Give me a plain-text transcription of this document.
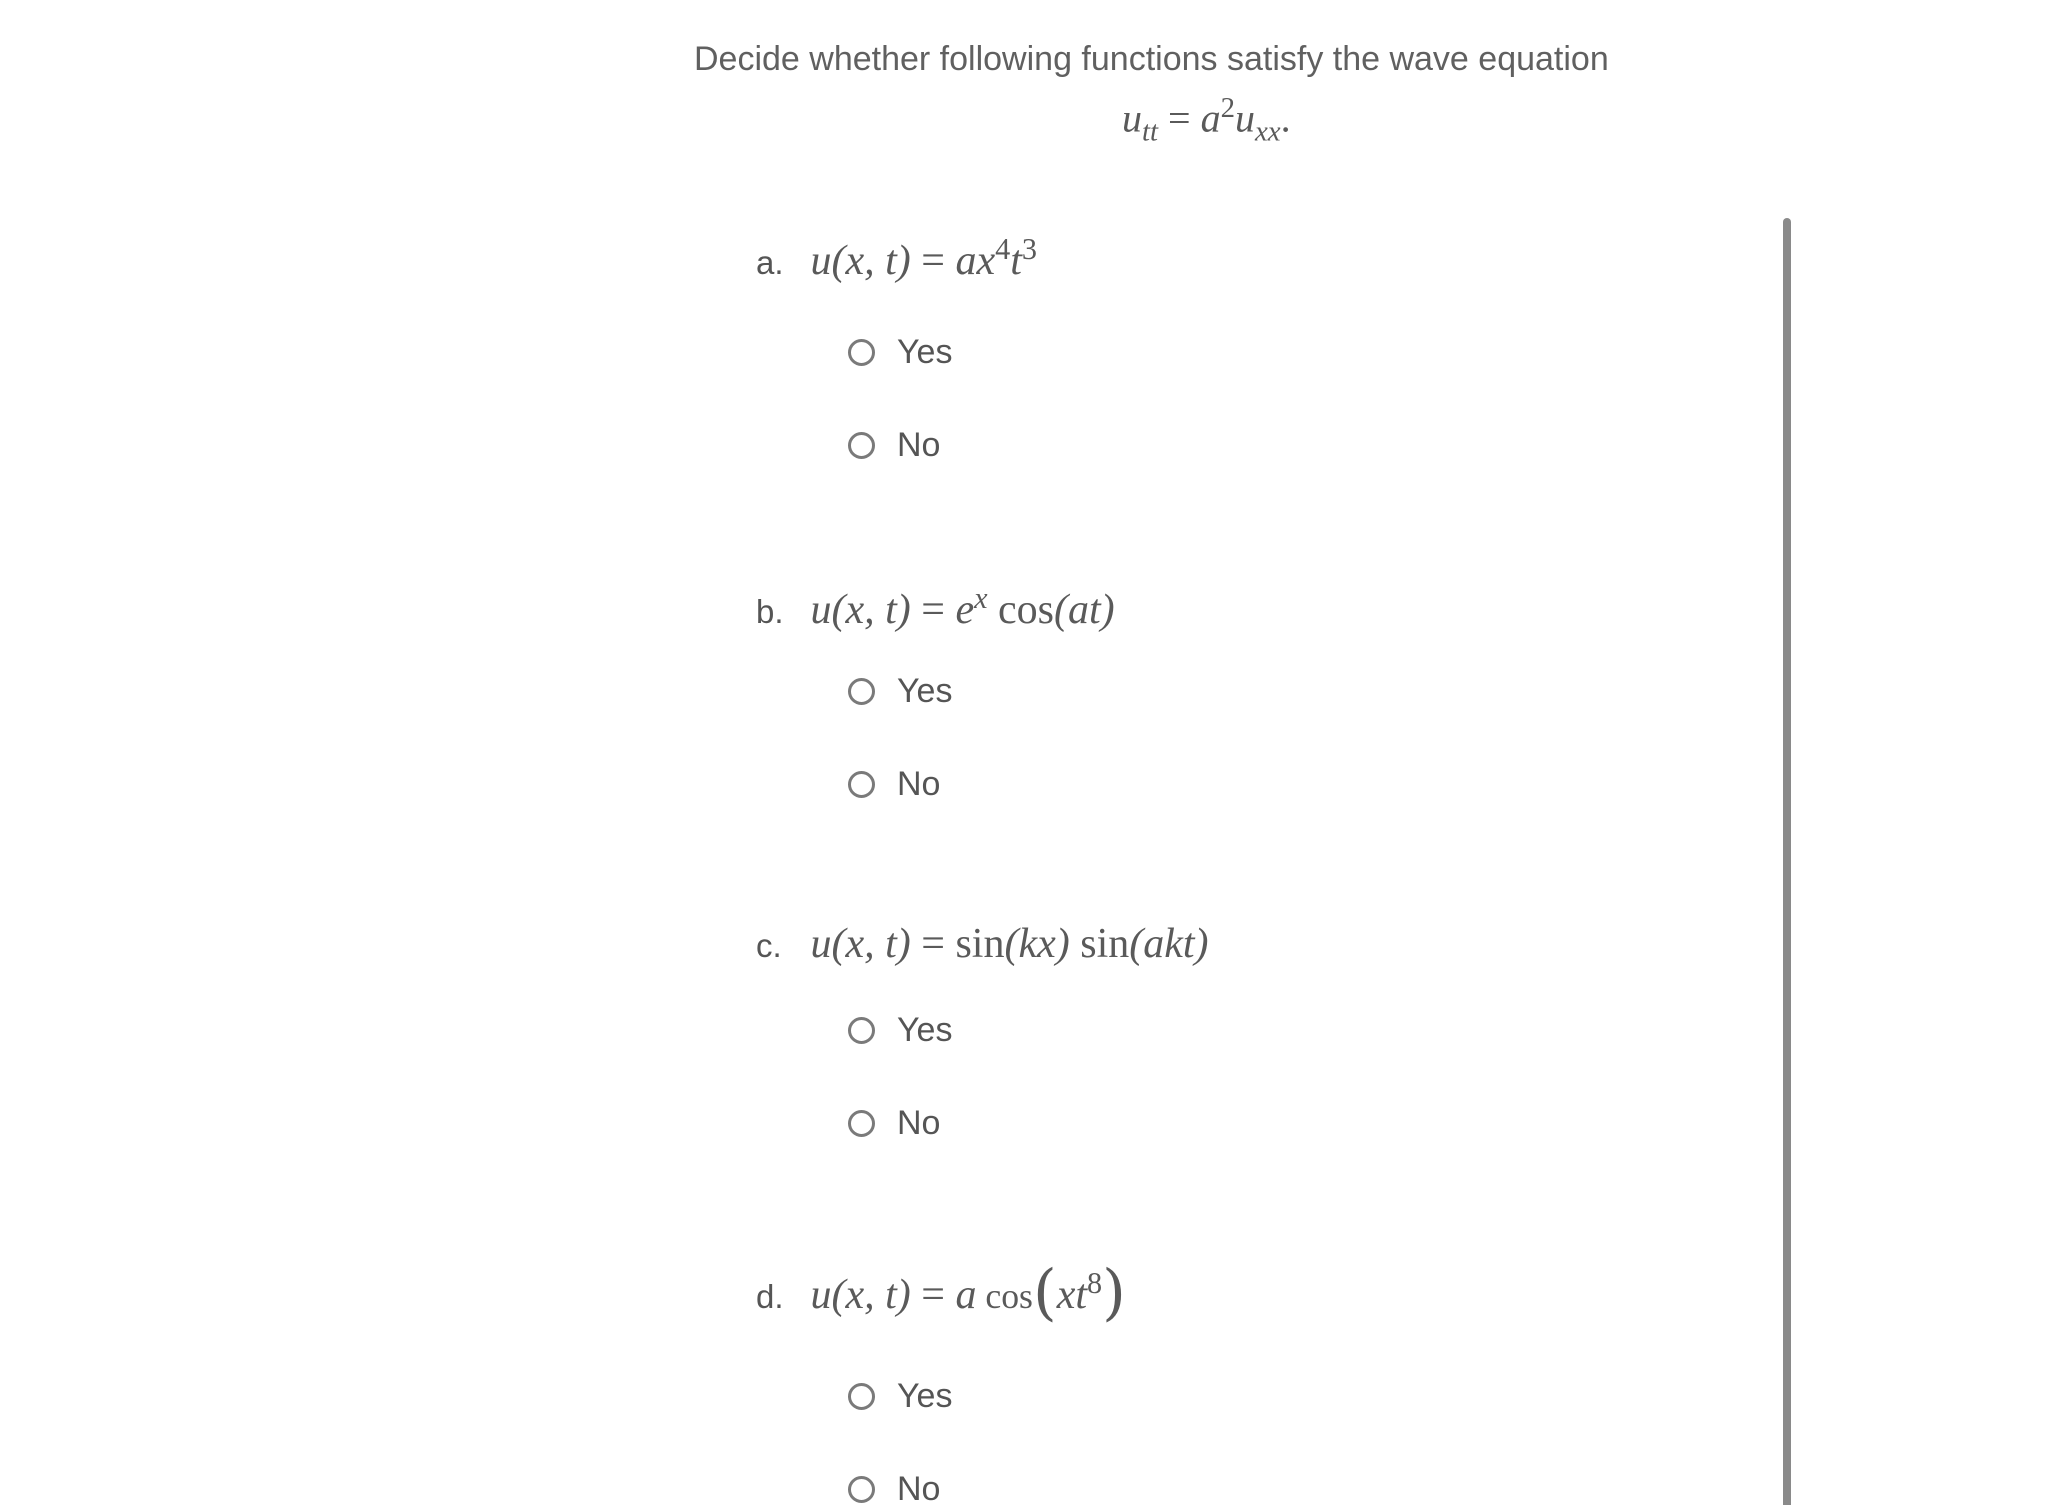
Decide whether following functions satisfy the wave equation
$u_{tt} = a^2u_{xx}$.
a. u(x, $t) = ax^4t^3$
Yes
No
b. u(x, $t) = e^x$ cos(at)
Yes
No
c. u(x, t) = sin(kx) sin(akt)
Yes
No
d. u(x, t) = a $\cos(xt^8)$
Yes
No
